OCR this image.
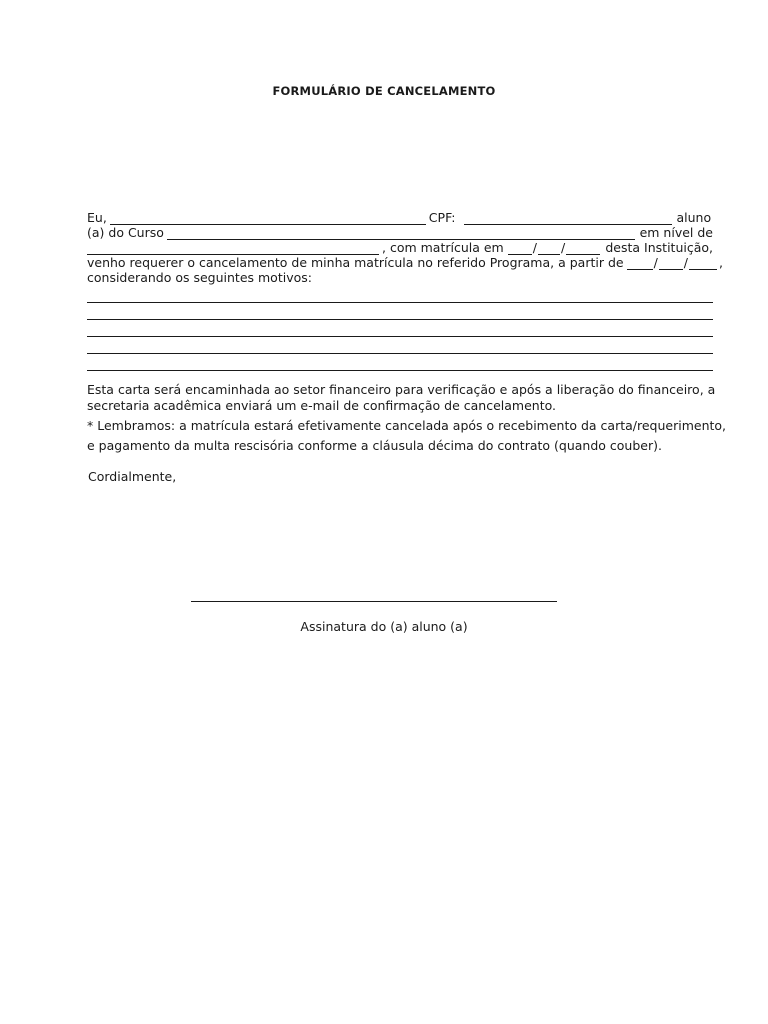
FORMULÁRIO DE CANCELAMENTO
Eu,	CPF:	aluno
(a) do Curso	em nível de
, com matrícula em / /	desta Instituição,
venho requerer o cancelamento de minha matrícula no referido Programa, a partir de / / ,
considerando os seguintes motivos:
Esta carta será encaminhada ao setor financeiro para verificação e após a liberação do financeiro, a
secretaria acadêmica enviará um e-mail de confirmação de cancelamento.
* Lembramos: a matrícula estará efetivamente cancelada após o recebimento da carta/requerimento,
e pagamento da multa rescisória conforme a cláusula décima do contrato (quando couber).
Cordialmente,
Assinatura do (a) aluno (a)
